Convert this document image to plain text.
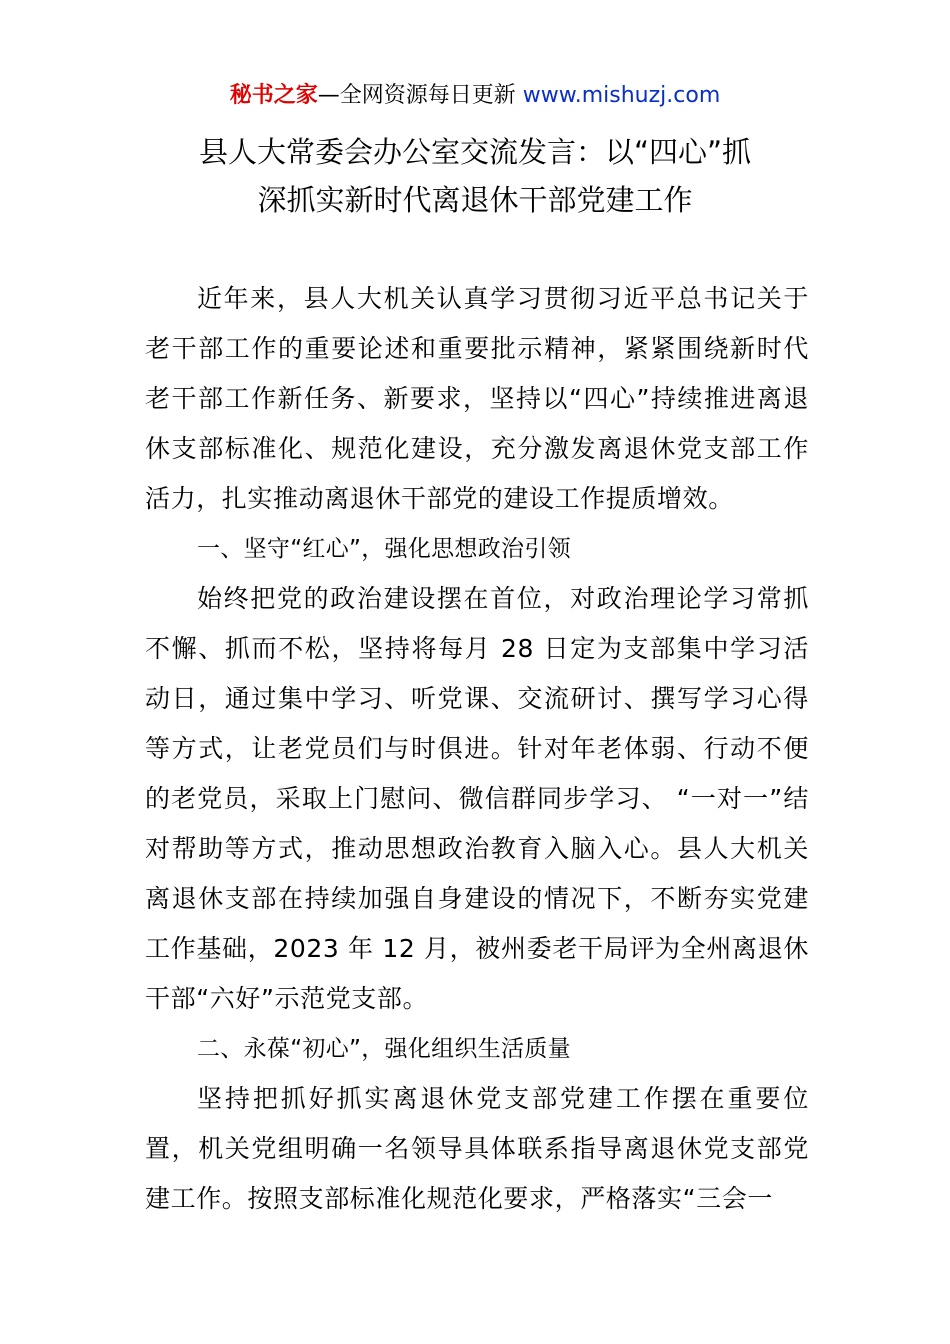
秘书之家—全网资源每日更新 www.mishuzj.com
县人大常委会办公室交流发言：以“四心”抓
深抓实新时代离退休干部党建工作

近年来，县人大机关认真学习贯彻习近平总书记关于老干部工作的重要论述和重要批示精神，紧紧围绕新时代老干部工作新任务、新要求，坚持以“四心”持续推进离退休支部标准化、规范化建设，充分激发离退休党支部工作活力，扎实推动离退休干部党的建设工作提质增效。

一、坚守“红心”，强化思想政治引领

始终把党的政治建设摆在首位，对政治理论学习常抓不懈、抓而不松，坚持将每月 28 日定为支部集中学习活动日，通过集中学习、听党课、交流研讨、撰写学习心得等方式，让老党员们与时俱进。针对年老体弱、行动不便的老党员，采取上门慰问、微信群同步学习、 “一对一”结对帮助等方式，推动思想政治教育入脑入心。县人大机关离退休支部在持续加强自身建设的情况下，不断夯实党建工作基础，2023 年 12 月，被州委老干局评为全州离退休干部“六好”示范党支部。

二、永葆“初心”，强化组织生活质量

坚持把抓好抓实离退休党支部党建工作摆在重要位置，机关党组明确一名领导具体联系指导离退休党支部党建工作。按照支部标准化规范化要求，严格落实“三会一
